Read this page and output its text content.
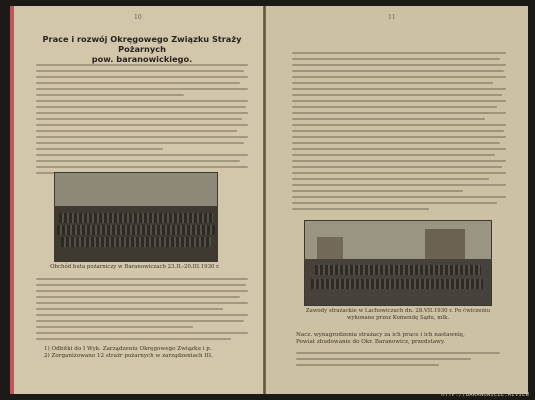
10
Prace i rozwój Okręgowego Związku Straży Pożarnych
pow. baranowickiego.
Obchód buta pożarniczy w Baranowiczach 23.II.-20.III.1930 r.
1) Odbitki do I Wyk. Zarządzeniu Okręgowego Związku i p.
2) Zorganizowano 12 strażr pożarnych w zarządzeniach III.
11
Zawody strażackie w Lachowiczach dn. 28.VII.1930 r. Po ćwiczeniu wykonane przez Komendę Sądu, mlk.
Nacz. wynagrodzenia strażacy za ich prace i ich nastawnię,
Powiat zbudowanie do Okr. Baranowicz, przedstawy.
HTTP://BARANOWICZE.REVIEW
